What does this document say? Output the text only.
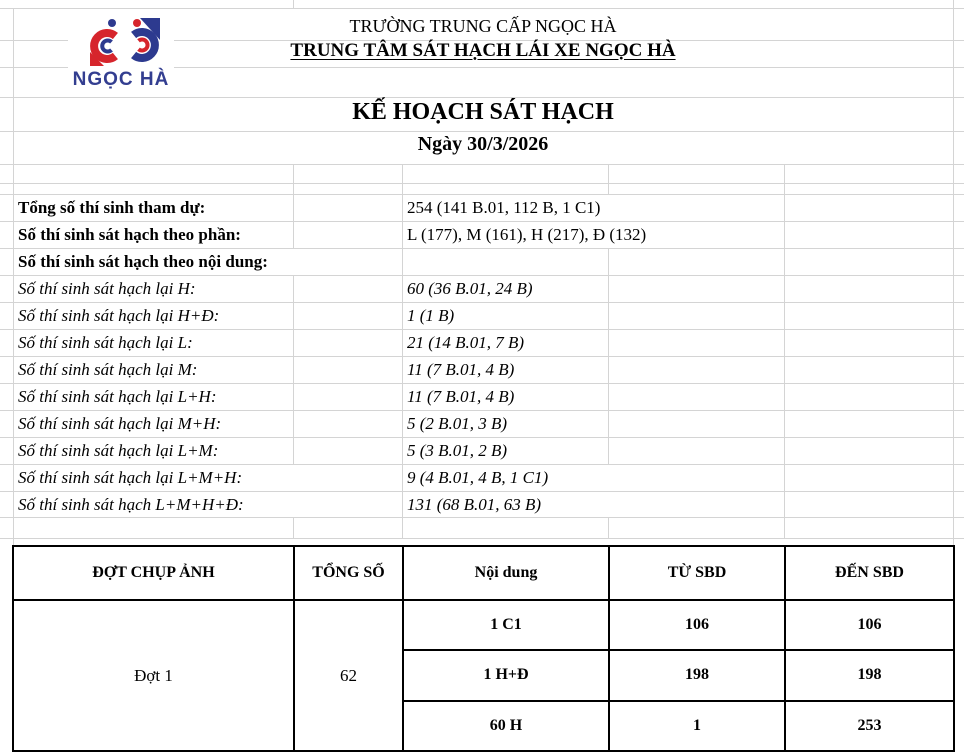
NGỌC HÀ
TRƯỜNG TRUNG CẤP NGỌC HÀ
TRUNG TÂM SÁT HẠCH LÁI XE NGỌC HÀ
KẾ HOẠCH SÁT HẠCH
Ngày 30/3/2026
Tổng số thí sinh tham dự:	254 (141 B.01, 112 B, 1 C1)
Số thí sinh sát hạch theo phần:	L (177), M (161), H (217), Đ (132)
Số thí sinh sát hạch theo nội dung:
Số thí sinh sát hạch lại H:	60 (36 B.01, 24 B)
Số thí sinh sát hạch lại H+Đ:	1 (1 B)
Số thí sinh sát hạch lại L:	21 (14 B.01, 7 B)
Số thí sinh sát hạch lại M:	11 (7 B.01, 4 B)
Số thí sinh sát hạch lại L+H:	11 (7 B.01, 4 B)
Số thí sinh sát hạch lại M+H:	5 (2 B.01, 3 B)
Số thí sinh sát hạch lại L+M:	5 (3 B.01, 2 B)
Số thí sinh sát hạch lại L+M+H:	9 (4 B.01, 4 B, 1 C1)
Số thí sinh sát hạch L+M+H+Đ:	131 (68 B.01, 63 B)
ĐỢT CHỤP ẢNH	TỔNG SỐ	Nội dung	TỪ SBD	ĐẾN SBD
Đợt 1	62	1 C1	106	106
		1 H+Đ	198	198
		60 H	1	253
